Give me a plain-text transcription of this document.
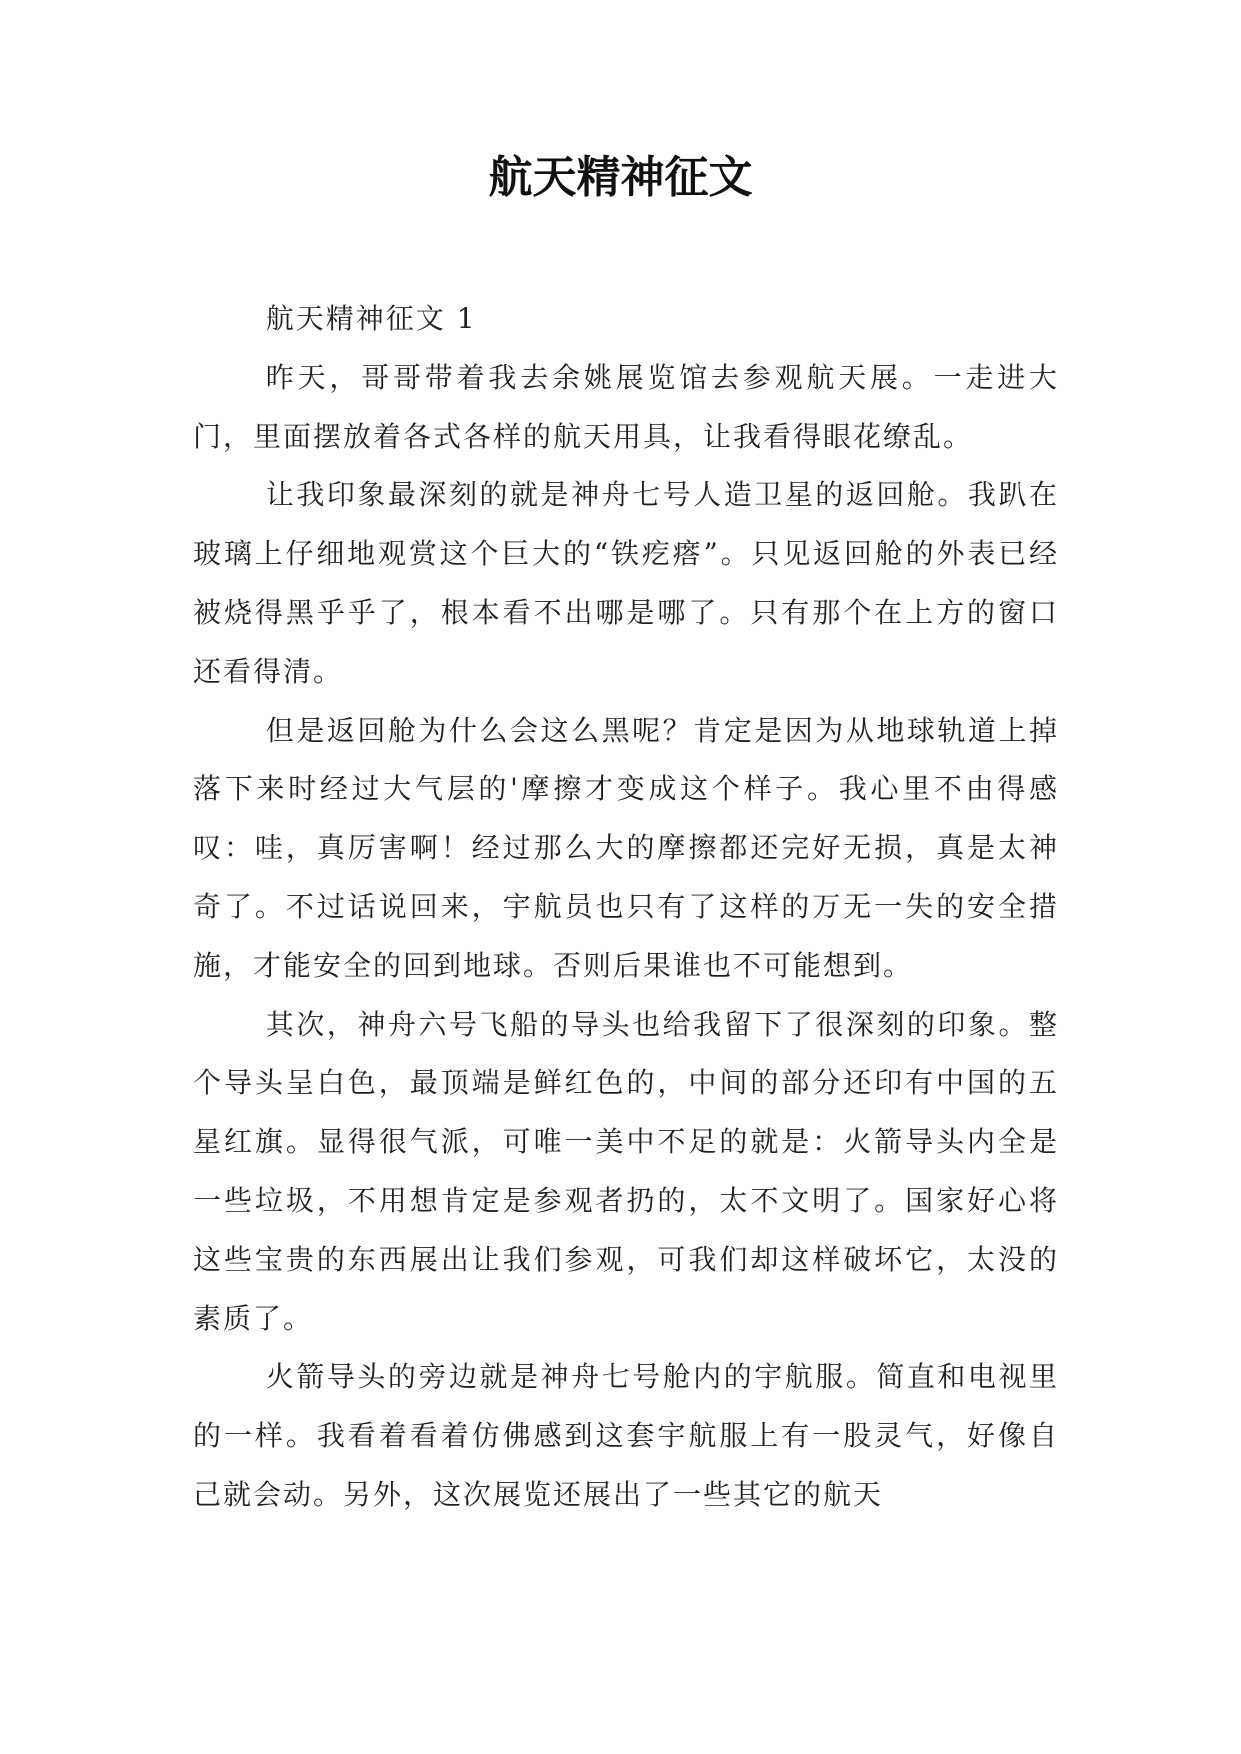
航天精神征文

航天精神征文 1

昨天，哥哥带着我去余姚展览馆去参观航天展。一走进大门，里面摆放着各式各样的航天用具，让我看得眼花缭乱。

让我印象最深刻的就是神舟七号人造卫星的返回舱。我趴在玻璃上仔细地观赏这个巨大的“铁疙瘩”。只见返回舱的外表已经被烧得黑乎乎了，根本看不出哪是哪了。只有那个在上方的窗口还看得清。

但是返回舱为什么会这么黑呢？肯定是因为从地球轨道上掉落下来时经过大气层的'摩擦才变成这个样子。我心里不由得感叹：哇，真厉害啊！经过那么大的摩擦都还完好无损，真是太神奇了。不过话说回来，宇航员也只有了这样的万无一失的安全措施，才能安全的回到地球。否则后果谁也不可能想到。

其次，神舟六号飞船的导头也给我留下了很深刻的印象。整个导头呈白色，最顶端是鲜红色的，中间的部分还印有中国的五星红旗。显得很气派，可唯一美中不足的就是：火箭导头内全是一些垃圾，不用想肯定是参观者扔的，太不文明了。国家好心将这些宝贵的东西展出让我们参观，可我们却这样破坏它，太没的素质了。

火箭导头的旁边就是神舟七号舱内的宇航服。简直和电视里的一样。我看着看着仿佛感到这套宇航服上有一股灵气，好像自己就会动。另外，这次展览还展出了一些其它的航天
